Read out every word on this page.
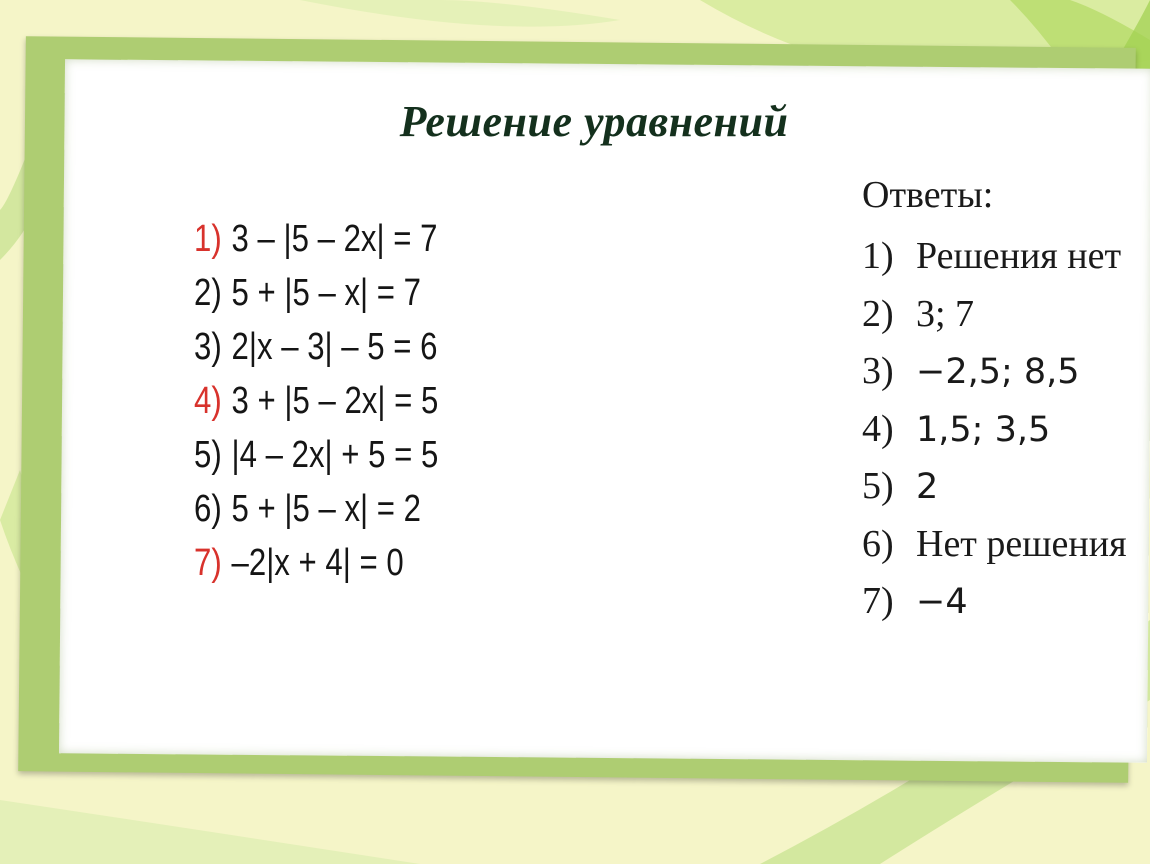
Решение уравнений
1) 3 – |5 – 2x| = 7
2) 5 + |5 – x| = 7
3) 2|x – 3| – 5 = 6
4) 3 + |5 – 2x| = 5
5) |4 – 2x| + 5 = 5
6) 5 + |5 – x| = 2
7) –2|x + 4| = 0
Ответы:
1) Решения нет
2) 3; 7
3) −2,5; 8,5
4) 1,5; 3,5
5) 2
6) Нет решения
7) −4
